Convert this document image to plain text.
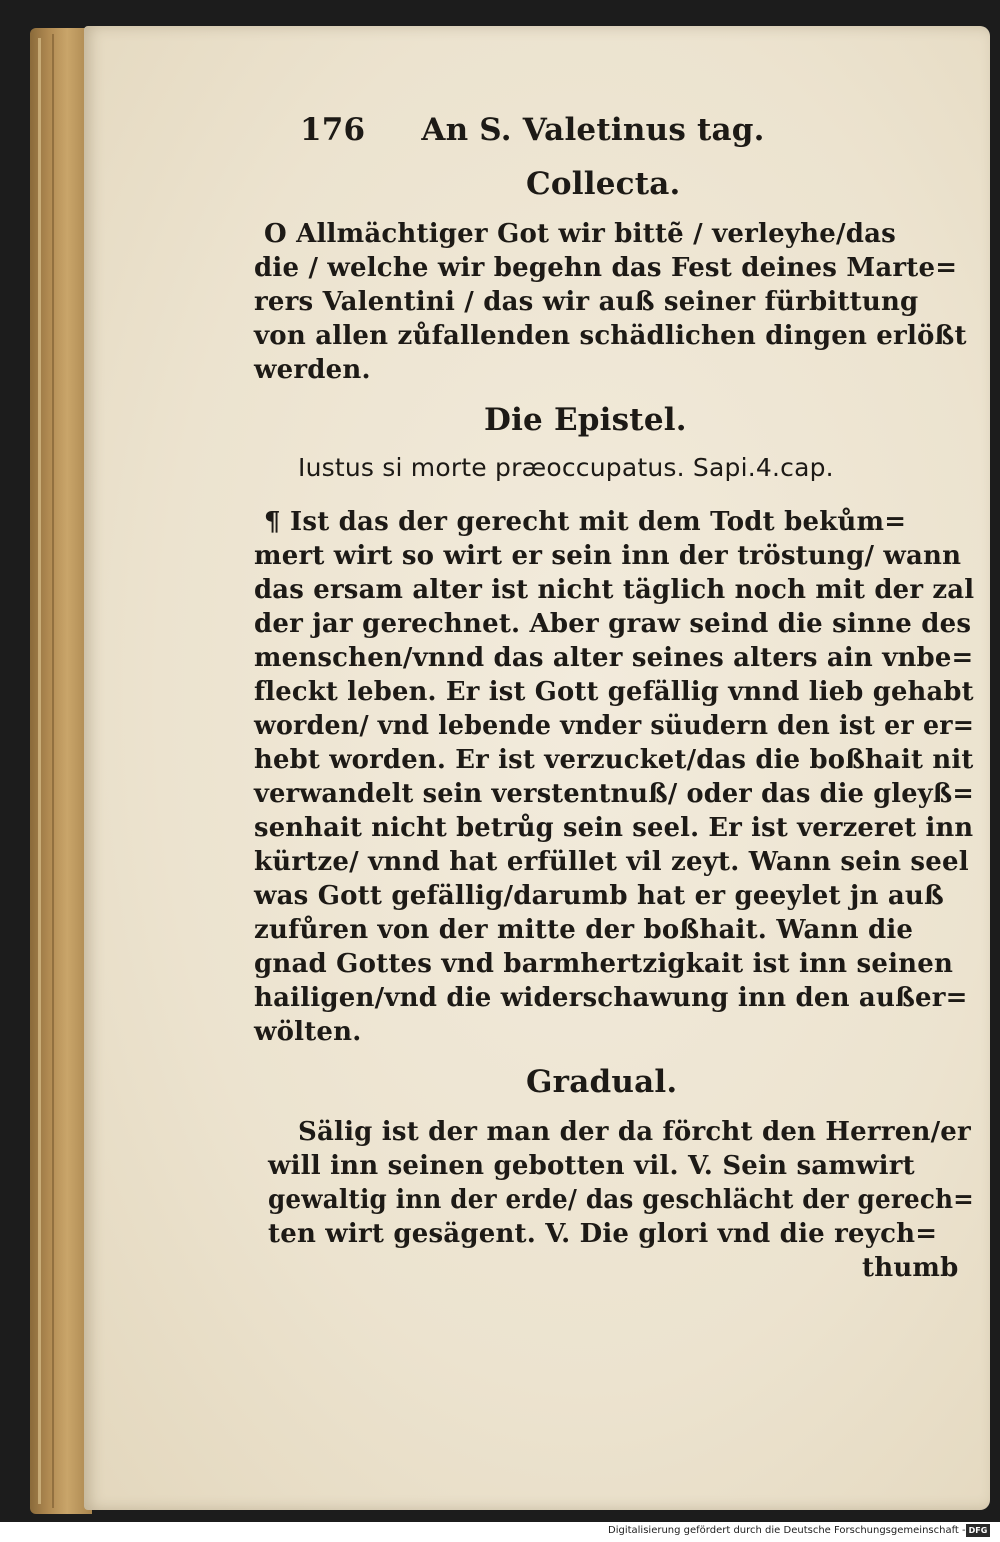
176 An S. Valetinus tag.
Collecta.
O Allmächtiger Got wir bittẽ / verleyhe/das
die / welche wir begehn das Fest deines Marte=
rers Valentini / das wir auß seiner fürbittung
von allen zůfallenden schädlichen dingen erlößt
werden.
Die Epistel.
Iustus si morte præoccupatus. Sapi.4.cap.
¶ Ist das der gerecht mit dem Todt bekům=
mert wirt so wirt er sein inn der tröstung/ wann
das ersam alter ist nicht täglich noch mit der zal
der jar gerechnet. Aber graw seind die sinne des
menschen/vnnd das alter seines alters ain vnbe=
fleckt leben. Er ist Gott gefällig vnnd lieb gehabt
worden/ vnd lebende vnder süudern den ist er er=
hebt worden. Er ist verzucket/das die boßhait nit
verwandelt sein verstentnuß/ oder das die gleyß=
senhait nicht betrůg sein seel. Er ist verzeret inn
kürtze/ vnnd hat erfüllet vil zeyt. Wann sein seel
was Gott gefällig/darumb hat er geeylet jn auß
zufůren von der mitte der boßhait. Wann die
gnad Gottes vnd barmhertzigkait ist inn seinen
hailigen/vnd die widerschawung inn den außer=
wölten.
Gradual.
Sälig ist der man der da förcht den Herren/er
will inn seinen gebotten vil. V. Sein samwirt
gewaltig inn der erde/ das geschlächt der gerech=
ten wirt gesägent. V. Die glori vnd die reych=
thumb
Digitalisierung gefördert durch die Deutsche Forschungsgemeinschaft - DFG
